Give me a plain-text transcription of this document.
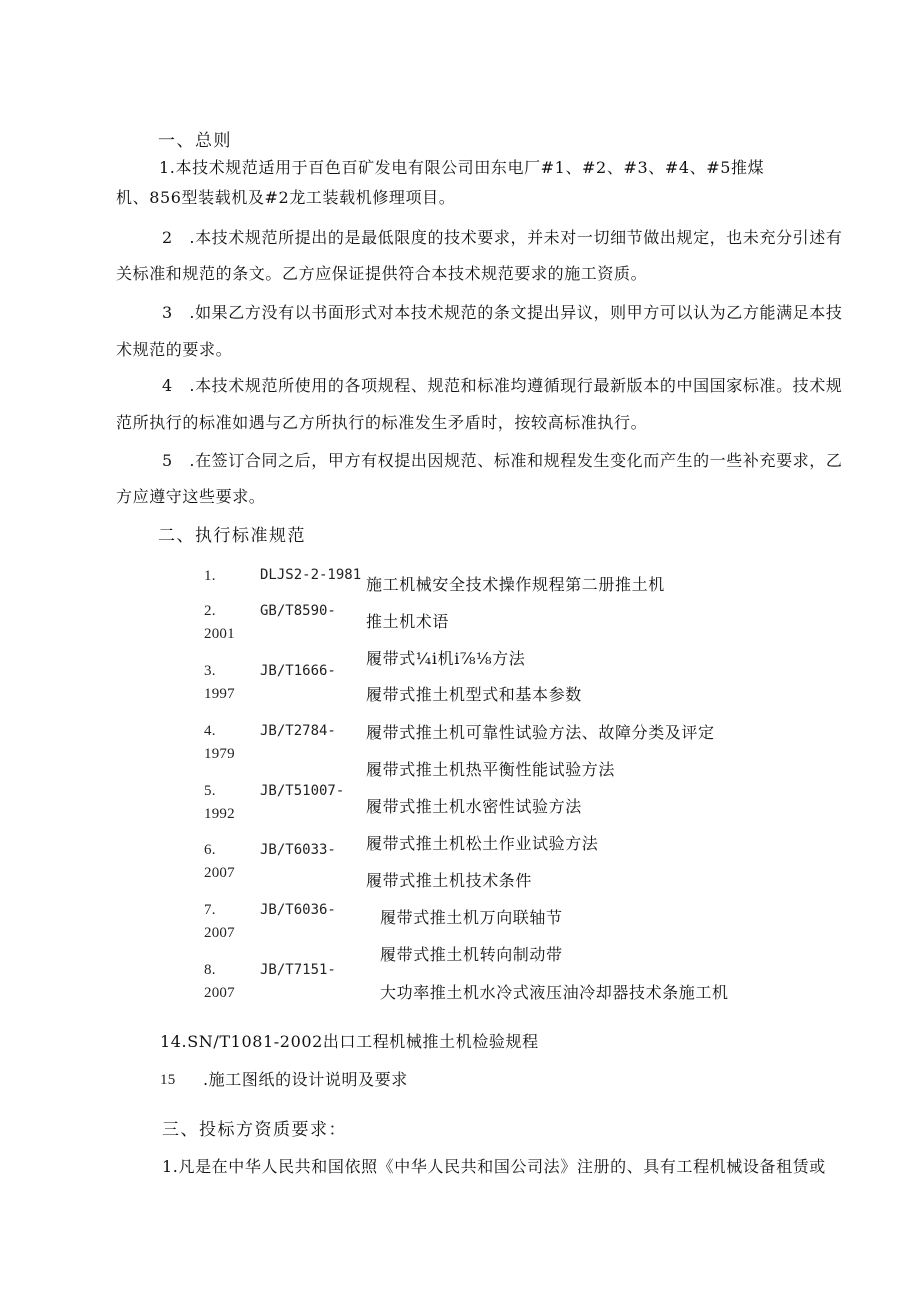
一、总则
1.本技术规范适用于百色百矿发电有限公司田东电厂#1、#2、#3、#4、#5推煤
机、856型装载机及#2龙工装载机修理项目。
2　.本技术规范所提出的是最低限度的技术要求，并未对一切细节做出规定，也未充分引述有
关标准和规范的条文。乙方应保证提供符合本技术规范要求的施工资质。
3　.如果乙方没有以书面形式对本技术规范的条文提出异议，则甲方可以认为乙方能满足本技
术规范的要求。
4　.本技术规范所使用的各项规程、规范和标准均遵循现行最新版本的中国国家标准。技术规
范所执行的标准如遇与乙方所执行的标准发生矛盾时，按较高标准执行。
5　.在签订合同之后，甲方有权提出因规范、标准和规程发生变化而产生的一些补充要求，乙
方应遵守这些要求。
二、执行标准规范
1.
2.
2001
3.
1997
4.
1979
5.
1992
6.
2007
7.
2007
8.
2007
DLJS2-2-1981
GB/T8590-
JB/T1666-
JB/T2784-
JB/T51007-
JB/T6033-
JB/T6036-
JB/T7151-
施工机械安全技术操作规程第二册推土机
推土机术语
履带式¼i机i⅞⅛方法
履带式推土机型式和基本参数
履带式推土机可靠性试验方法、故障分类及评定
履带式推土机热平衡性能试验方法
履带式推土机水密性试验方法
履带式推土机松土作业试验方法
履带式推土机技术条件
履带式推土机万向联轴节
履带式推土机转向制动带
大功率推土机水冷式液压油冷却器技术条施工机
14.SN/T1081-2002出口工程机械推土机检验规程
15 .施工图纸的设计说明及要求
三、投标方资质要求：
1.凡是在中华人民共和国依照《中华人民共和国公司法》注册的、具有工程机械设备租赁或
